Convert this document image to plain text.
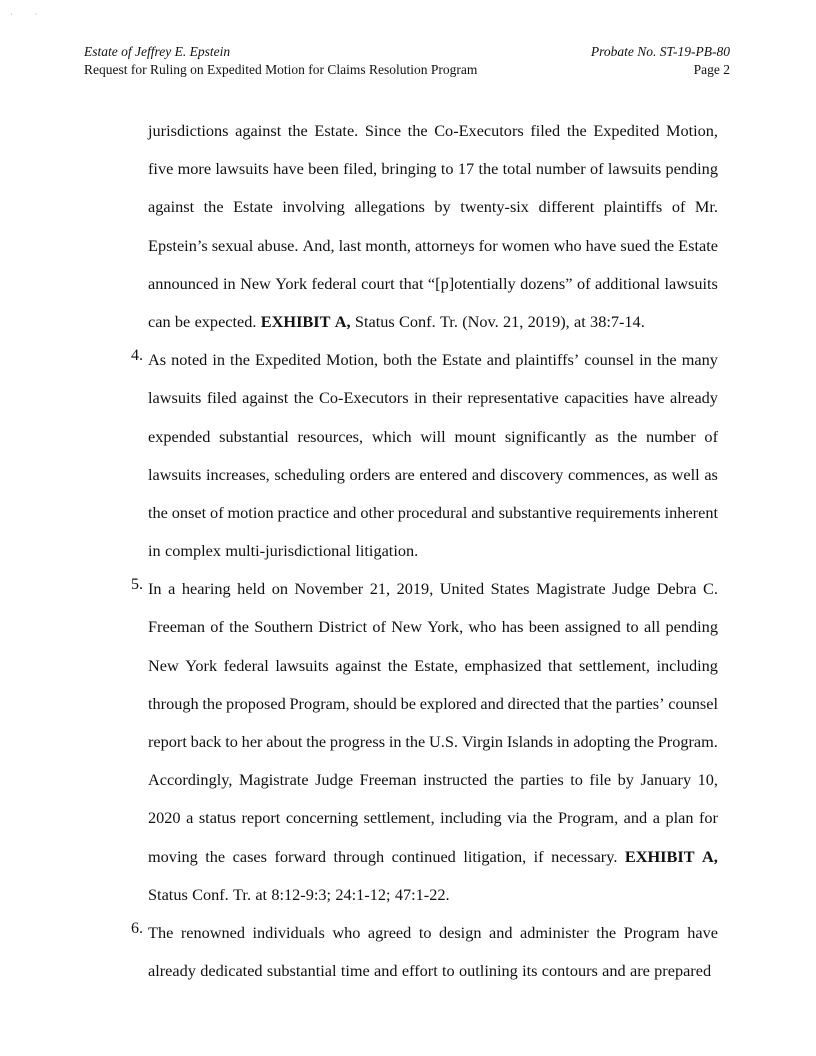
··
Estate of Jeffrey E. Epstein
Request for Ruling on Expedited Motion for Claims Resolution Program
Probate No. ST-19-PB-80
Page 2
jurisdictions against the Estate. Since the Co-Executors filed the Expedited Motion,
five more lawsuits have been filed, bringing to 17 the total number of lawsuits pending
against the Estate involving allegations by twenty-six different plaintiffs of Mr.
Epstein’s sexual abuse. And, last month, attorneys for women who have sued the Estate
announced in New York federal court that “[p]otentially dozens” of additional lawsuits
can be expected. EXHIBIT A, Status Conf. Tr. (Nov. 21, 2019), at 38:7-14.
4. As noted in the Expedited Motion, both the Estate and plaintiffs’ counsel in the many
lawsuits filed against the Co-Executors in their representative capacities have already
expended substantial resources, which will mount significantly as the number of
lawsuits increases, scheduling orders are entered and discovery commences, as well as
the onset of motion practice and other procedural and substantive requirements inherent
in complex multi-jurisdictional litigation.
5. In a hearing held on November 21, 2019, United States Magistrate Judge Debra C.
Freeman of the Southern District of New York, who has been assigned to all pending
New York federal lawsuits against the Estate, emphasized that settlement, including
through the proposed Program, should be explored and directed that the parties’ counsel
report back to her about the progress in the U.S. Virgin Islands in adopting the Program.
Accordingly, Magistrate Judge Freeman instructed the parties to file by January 10,
2020 a status report concerning settlement, including via the Program, and a plan for
moving the cases forward through continued litigation, if necessary. EXHIBIT A,
Status Conf. Tr. at 8:12-9:3; 24:1-12; 47:1-22.
6. The renowned individuals who agreed to design and administer the Program have
already dedicated substantial time and effort to outlining its contours and are prepared
